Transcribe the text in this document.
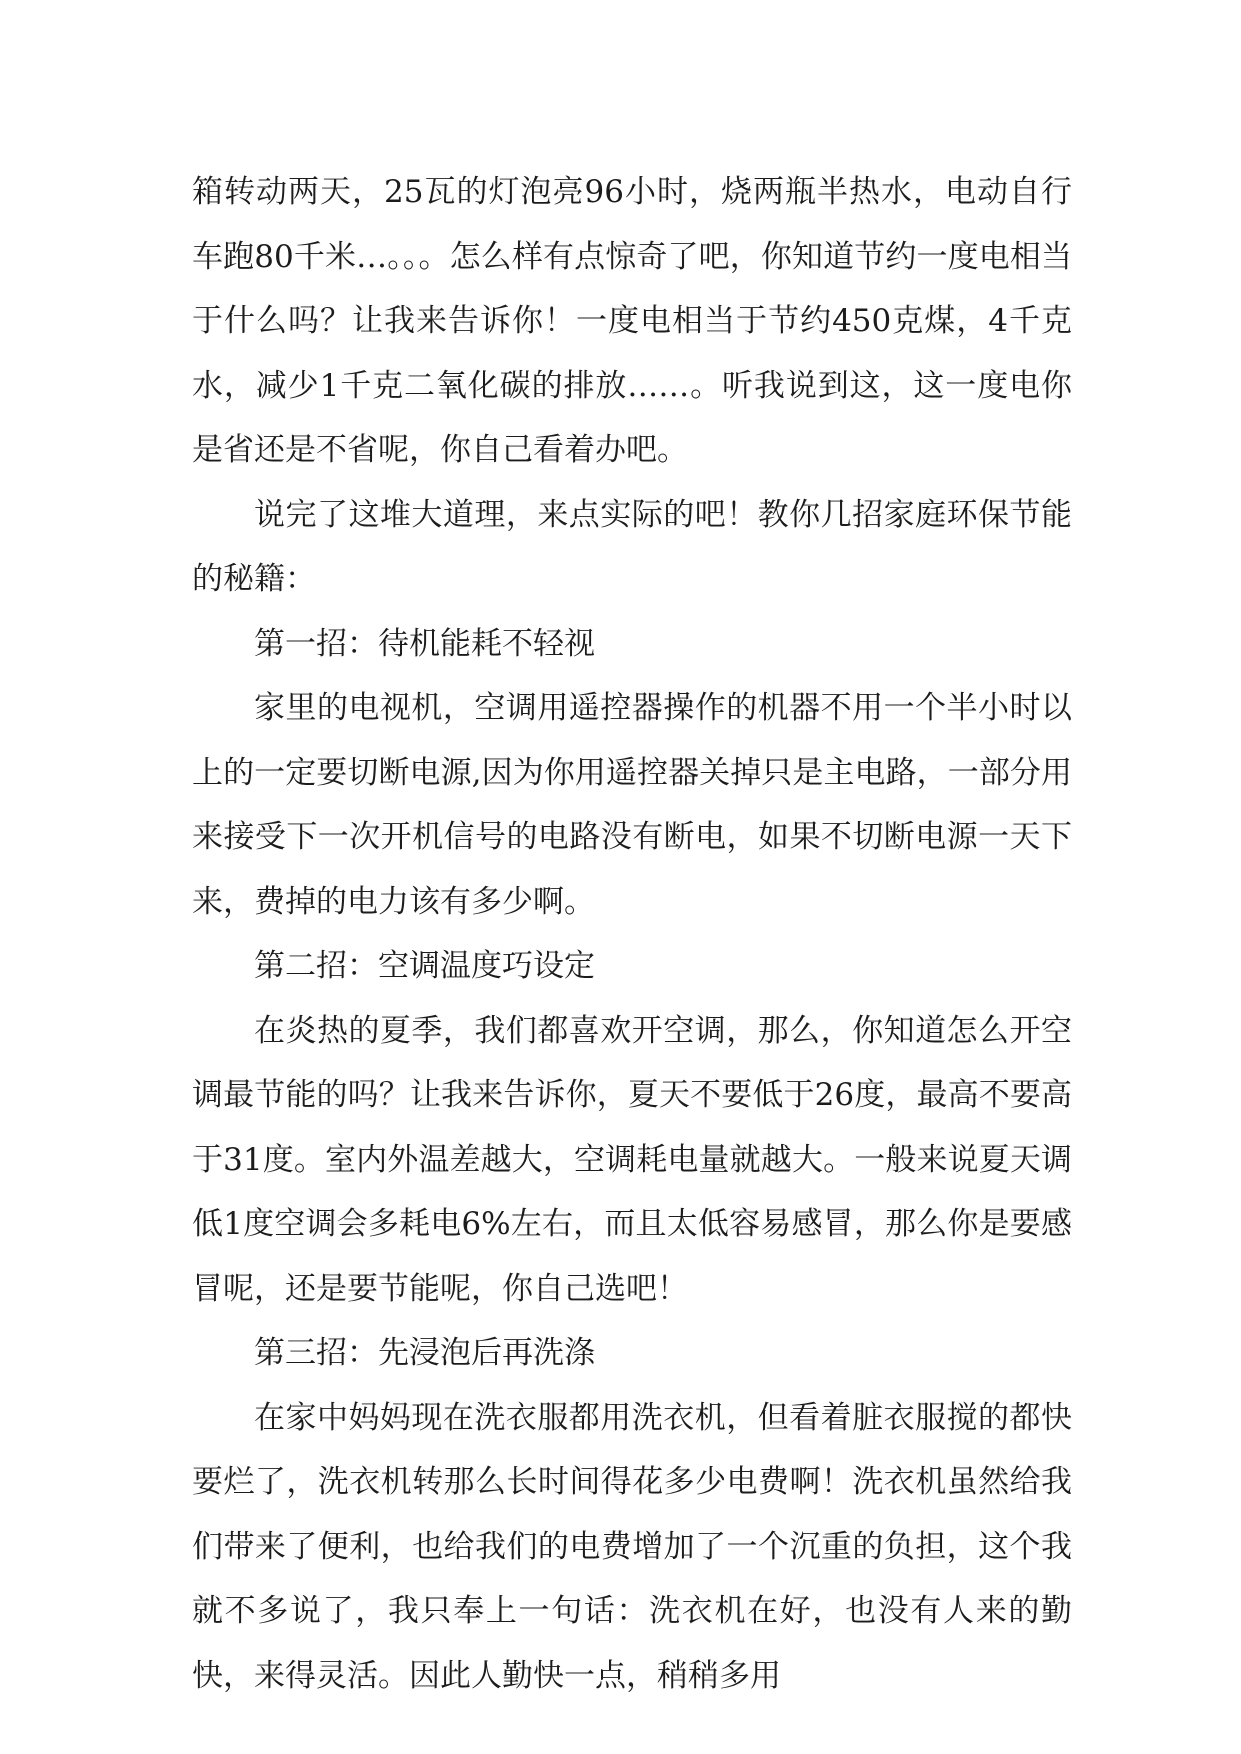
箱转动两天，25瓦的灯泡亮96小时，烧两瓶半热水，电动自行车跑80千米…。。。怎么样有点惊奇了吧，你知道节约一度电相当于什么吗？让我来告诉你！一度电相当于节约450克煤，4千克水，减少1千克二氧化碳的排放……。听我说到这，这一度电你是省还是不省呢，你自己看着办吧。

说完了这堆大道理，来点实际的吧！教你几招家庭环保节能的秘籍：

第一招：待机能耗不轻视

家里的电视机，空调用遥控器操作的机器不用一个半小时以上的一定要切断电源,因为你用遥控器关掉只是主电路，一部分用来接受下一次开机信号的电路没有断电，如果不切断电源一天下来，费掉的电力该有多少啊。

第二招：空调温度巧设定

在炎热的夏季，我们都喜欢开空调，那么，你知道怎么开空调最节能的吗？让我来告诉你，夏天不要低于26度，最高不要高于31度。室内外温差越大，空调耗电量就越大。一般来说夏天调低1度空调会多耗电6%左右，而且太低容易感冒，那么你是要感冒呢，还是要节能呢，你自己选吧！

第三招：先浸泡后再洗涤

在家中妈妈现在洗衣服都用洗衣机，但看着脏衣服搅的都快要烂了，洗衣机转那么长时间得花多少电费啊！洗衣机虽然给我们带来了便利，也给我们的电费增加了一个沉重的负担，这个我就不多说了，我只奉上一句话：洗衣机在好，也没有人来的勤快，来得灵活。因此人勤快一点，稍稍多用
